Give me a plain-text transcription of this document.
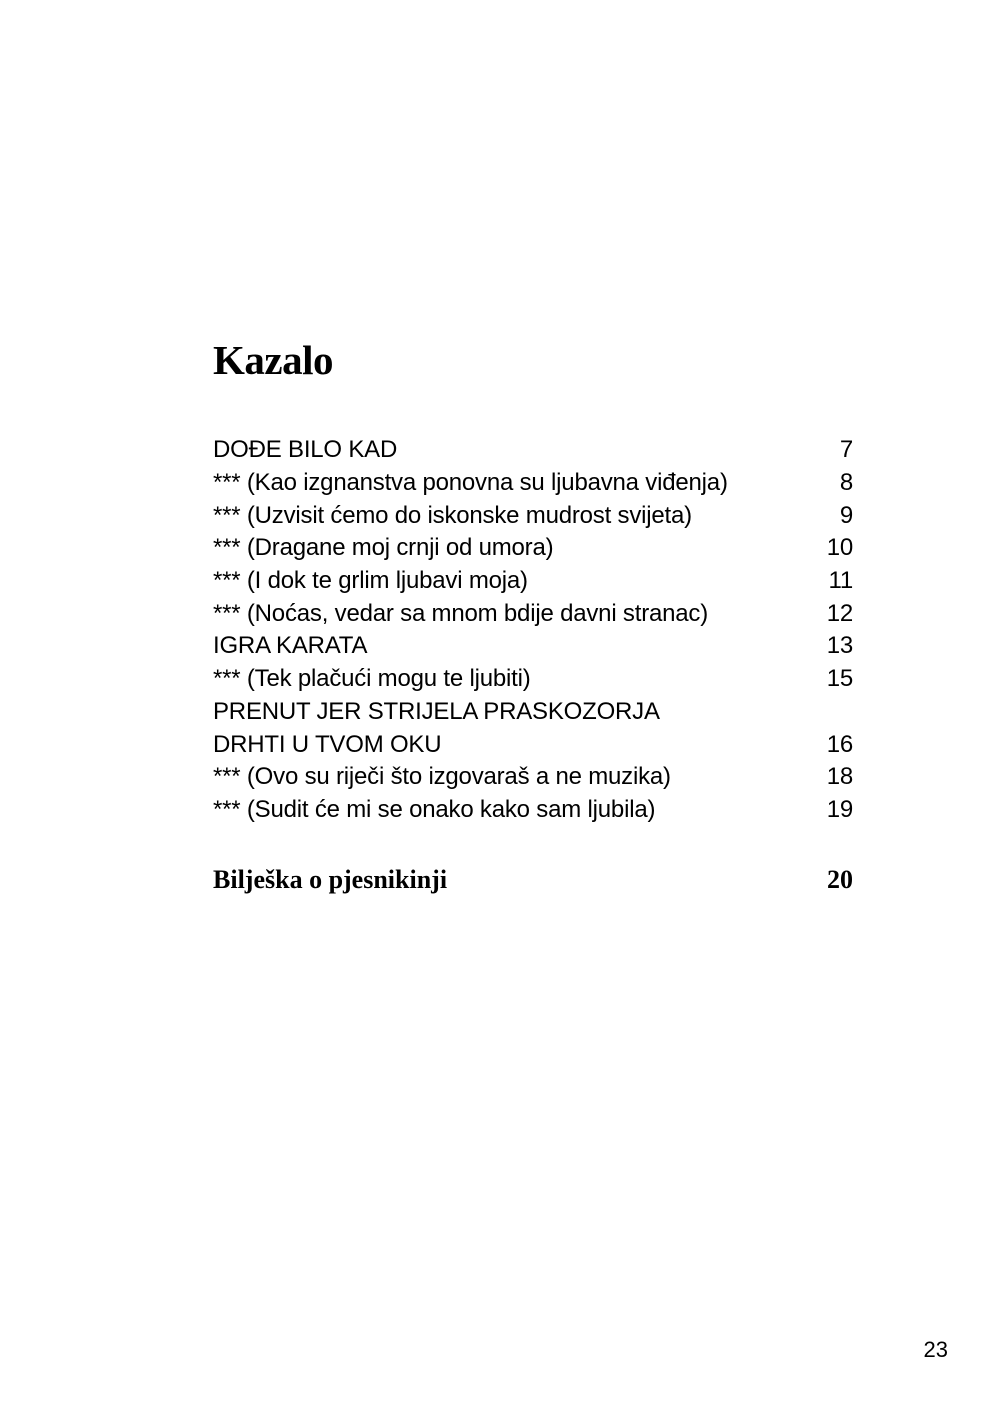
Kazalo
DOĐE BILO KAD	7
*** (Kao izgnanstva ponovna su ljubavna viđenja)	8
*** (Uzvisit ćemo do iskonske mudrost svijeta)	9
*** (Dragane moj crnji od umora)	10
*** (I dok te grlim ljubavi moja)	11
*** (Noćas, vedar sa mnom bdije davni stranac)	12
IGRA KARATA	13
*** (Tek plačući mogu te ljubiti)	15
PRENUT JER STRIJELA PRASKOZORJA
DRHTI U TVOM OKU	16
*** (Ovo su riječi što izgovaraš a ne muzika)	18
*** (Sudit će mi se onako kako sam ljubila)	19
Bilješka o pjesnikinji	20
23
